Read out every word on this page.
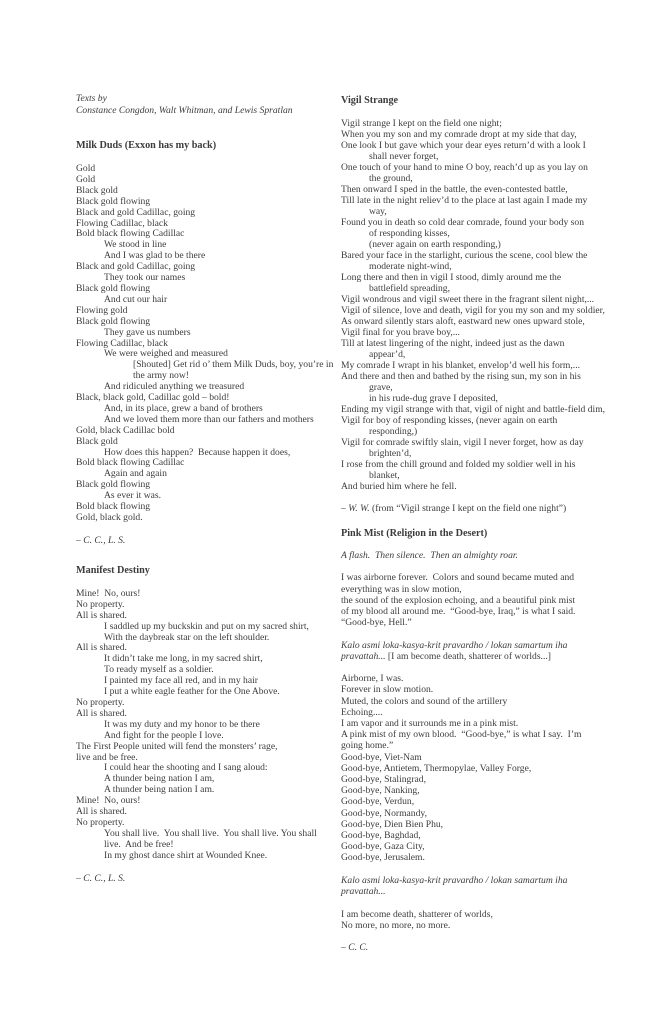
Texts by
Constance Congdon, Walt Whitman, and Lewis Spratlan
Milk Duds (Exxon has my back)
Gold
Gold
Black gold
Black gold flowing
Black and gold Cadillac, going
Flowing Cadillac, black
Bold black flowing Cadillac
We stood in line
And I was glad to be there
Black and gold Cadillac, going
They took our names
Black gold flowing
And cut our hair
Flowing gold
Black gold flowing
They gave us numbers
Flowing Cadillac, black
We were weighed and measured
[Shouted] Get rid o’ them Milk Duds, boy, you’re in
the army now!
And ridiculed anything we treasured
Black, black gold, Cadillac gold – bold!
And, in its place, grew a band of brothers
And we loved them more than our fathers and mothers
Gold, black Cadillac bold
Black gold
How does this happen?  Because happen it does,
Bold black flowing Cadillac
Again and again
Black gold flowing
As ever it was.
Bold black flowing
Gold, black gold.
– C. C., L. S.
Manifest Destiny
Mine!  No, ours!
No property.
All is shared.
I saddled up my buckskin and put on my sacred shirt,
With the daybreak star on the left shoulder.
All is shared.
It didn’t take me long, in my sacred shirt,
To ready myself as a soldier.
I painted my face all red, and in my hair
I put a white eagle feather for the One Above.
No property.
All is shared.
It was my duty and my honor to be there
And fight for the people I love.
The First People united will fend the monsters’ rage,
live and be free.
I could hear the shooting and I sang aloud:
A thunder being nation I am,
A thunder being nation I am.
Mine!  No, ours!
All is shared.
No property.
You shall live.  You shall live.  You shall live. You shall
live.  And be free!
In my ghost dance shirt at Wounded Knee.
– C. C., L. S.
Vigil Strange
Vigil strange I kept on the field one night;
When you my son and my comrade dropt at my side that day,
One look I but gave which your dear eyes return’d with a look I
shall never forget,
One touch of your hand to mine O boy, reach’d up as you lay on
the ground,
Then onward I sped in the battle, the even-contested battle,
Till late in the night reliev’d to the place at last again I made my
way,
Found you in death so cold dear comrade, found your body son
of responding kisses,
(never again on earth responding,)
Bared your face in the starlight, curious the scene, cool blew the
moderate night-wind,
Long there and then in vigil I stood, dimly around me the
battlefield spreading,
Vigil wondrous and vigil sweet there in the fragrant silent night,...
Vigil of silence, love and death, vigil for you my son and my soldier,
As onward silently stars aloft, eastward new ones upward stole,
Vigil final for you brave boy,...
Till at latest lingering of the night, indeed just as the dawn
appear’d,
My comrade I wrapt in his blanket, envelop’d well his form,...
And there and then and bathed by the rising sun, my son in his
grave,
in his rude-dug grave I deposited,
Ending my vigil strange with that, vigil of night and battle-field dim,
Vigil for boy of responding kisses, (never again on earth
responding,)
Vigil for comrade swiftly slain, vigil I never forget, how as day
brighten’d,
I rose from the chill ground and folded my soldier well in his
blanket,
And buried him where he fell.
– W. W. (from “Vigil strange I kept on the field one night”)
Pink Mist (Religion in the Desert)
A flash.  Then silence.  Then an almighty roar.

I was airborne forever.  Colors and sound became muted and
everything was in slow motion,
the sound of the explosion echoing, and a beautiful pink mist
of my blood all around me.  “Good-bye, Iraq,” is what I said.
“Good-bye, Hell.”

Kalo asmi loka-kasya-krit pravardho / lokan samartum iha
pravattah... [I am become death, shatterer of worlds...]

Airborne, I was.
Forever in slow motion.
Muted, the colors and sound of the artillery
Echoing....
I am vapor and it surrounds me in a pink mist.
A pink mist of my own blood.  “Good-bye,” is what I say.  I’m
going home.”
Good-bye, Viet-Nam
Good-bye, Antietem, Thermopylae, Valley Forge,
Good-bye, Stalingrad,
Good-bye, Nanking,
Good-bye, Verdun,
Good-bye, Normandy,
Good-bye, Dien Bien Phu,
Good-bye, Baghdad,
Good-bye, Gaza City,
Good-bye, Jerusalem.

Kalo asmi loka-kasya-krit pravardho / lokan samartum iha
pravattah...

I am become death, shatterer of worlds,
No more, no more, no more.
– C. C.
